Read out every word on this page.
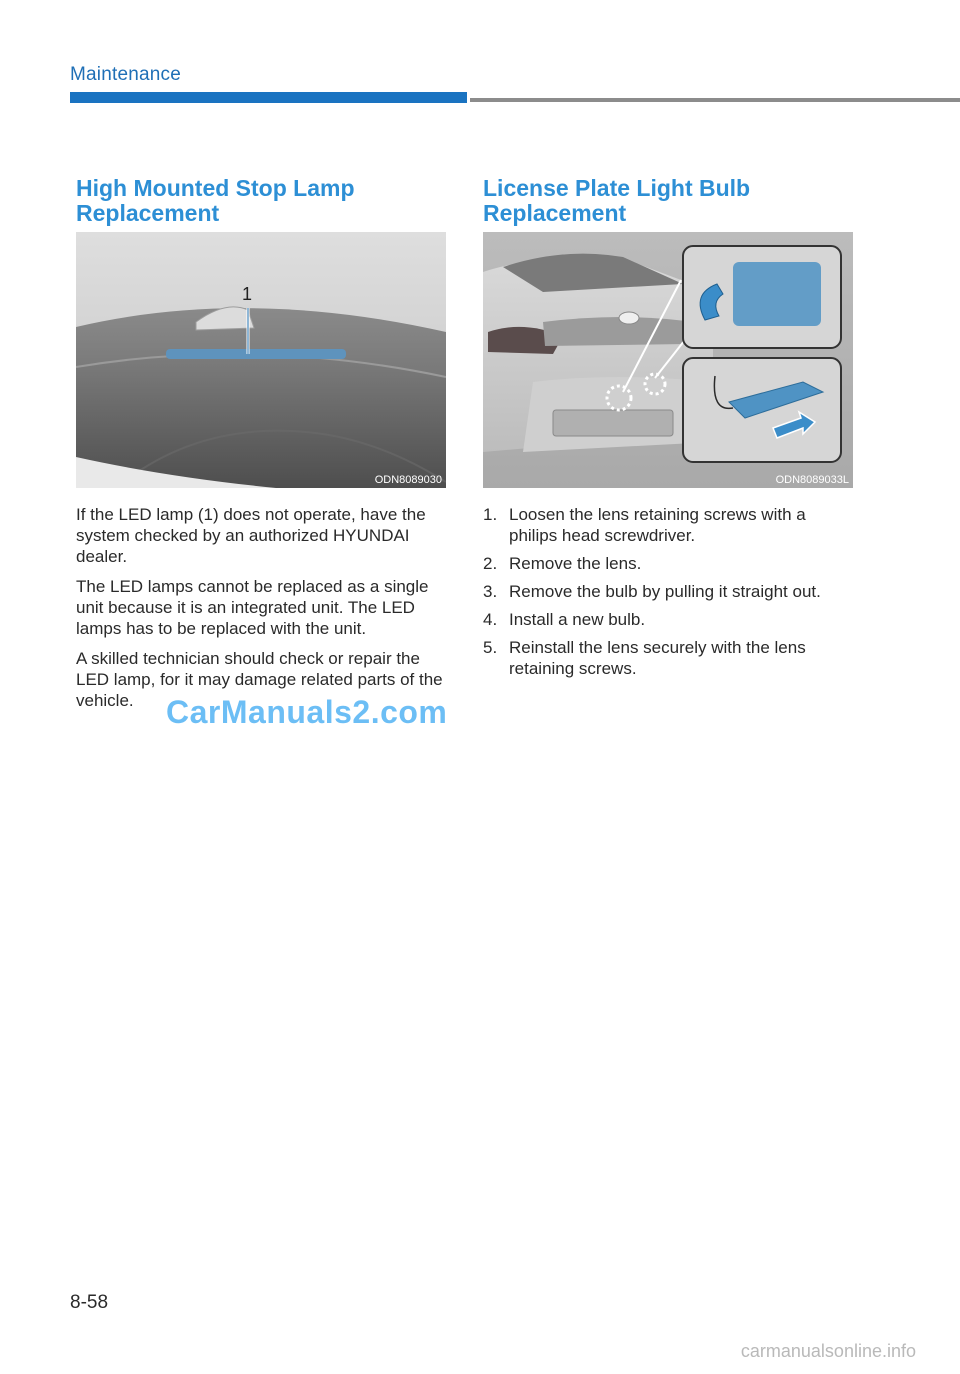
Maintenance
High Mounted Stop Lamp Replacement
1
ODN8089030

If the LED lamp (1) does not operate, have the system checked by an authorized HYUNDAI dealer.

The LED lamps cannot be replaced as a single unit because it is an integrated unit. The LED lamps has to be replaced with the unit.

A skilled technician should check or repair the LED lamp, for it may damage related parts of the vehicle.

License Plate Light Bulb Replacement
ODN8089033L
1. Loosen the lens retaining screws with a philips head screwdriver.
2. Remove the lens.
3. Remove the bulb by pulling it straight out.
4. Install a new bulb.
5. Reinstall the lens securely with the lens retaining screws.
CarManuals2.com
8-58
carmanualsonline.info
